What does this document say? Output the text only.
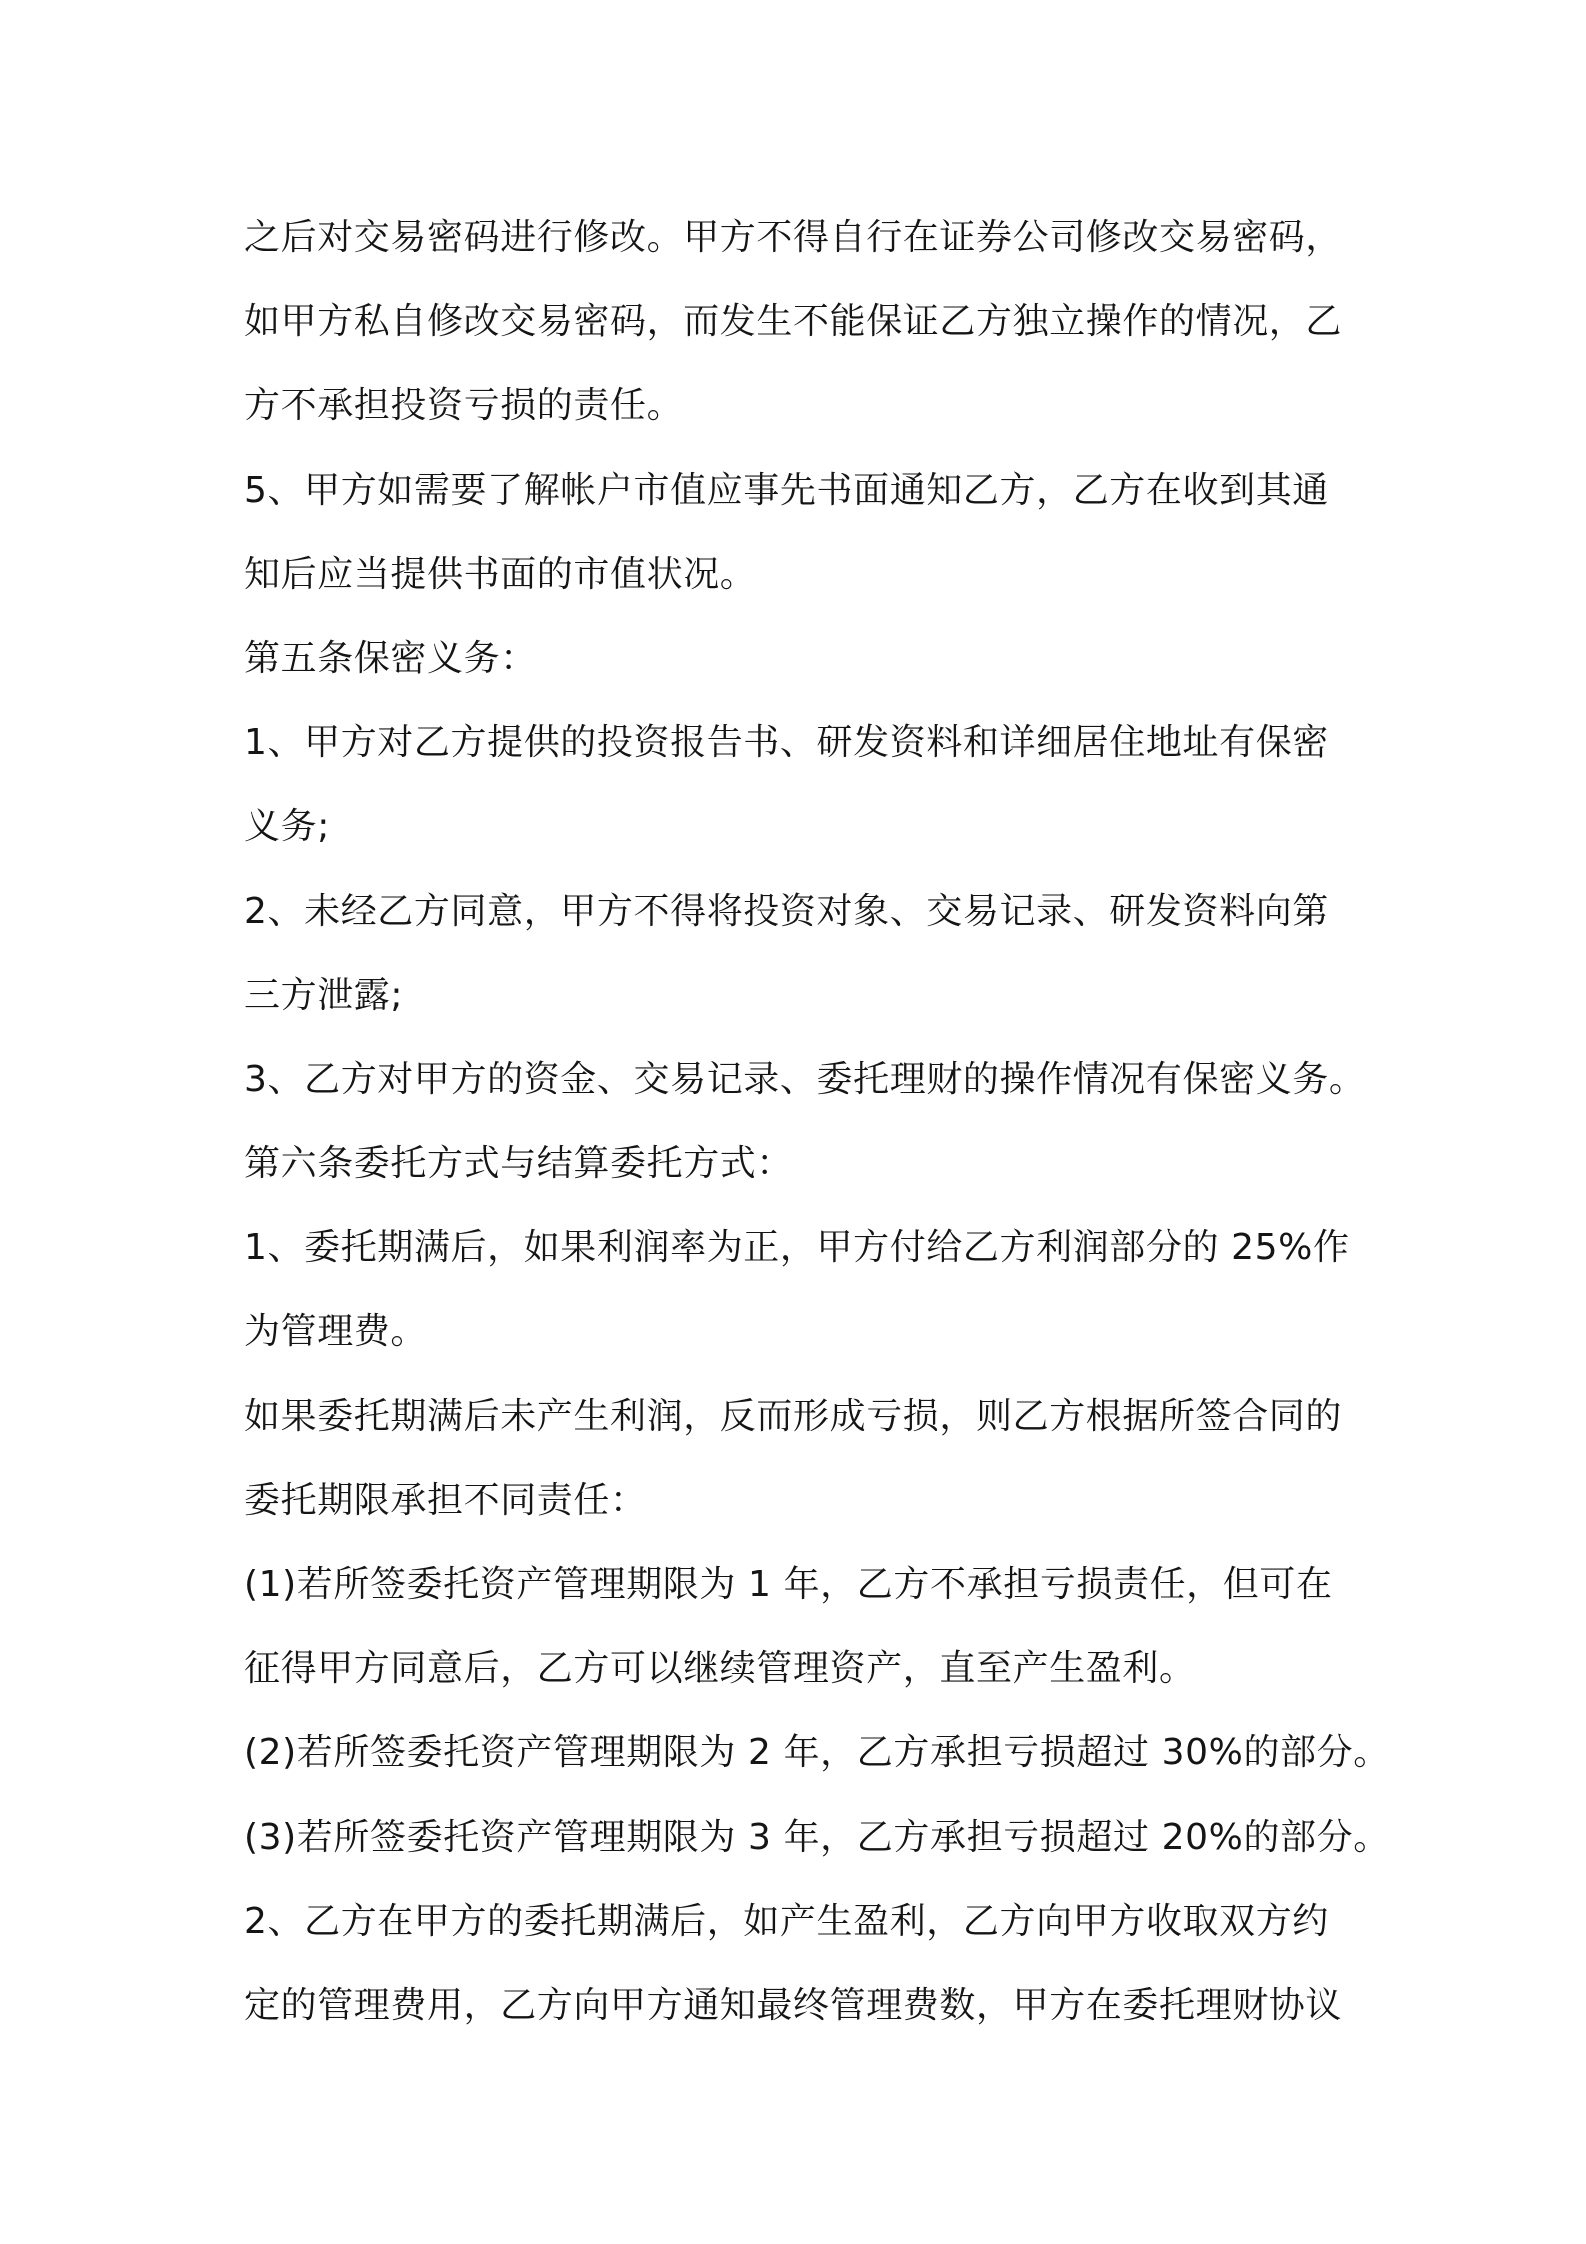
之后对交易密码进行修改。甲方不得自行在证券公司修改交易密码，
如甲方私自修改交易密码，而发生不能保证乙方独立操作的情况，乙
方不承担投资亏损的责任。
5、甲方如需要了解帐户市值应事先书面通知乙方，乙方在收到其通
知后应当提供书面的市值状况。
第五条保密义务：
1、甲方对乙方提供的投资报告书、研发资料和详细居住地址有保密
义务;
2、未经乙方同意，甲方不得将投资对象、交易记录、研发资料向第
三方泄露;
3、乙方对甲方的资金、交易记录、委托理财的操作情况有保密义务。
第六条委托方式与结算委托方式：
1、委托期满后，如果利润率为正，甲方付给乙方利润部分的 25%作
为管理费。
如果委托期满后未产生利润，反而形成亏损，则乙方根据所签合同的
委托期限承担不同责任：
(1)若所签委托资产管理期限为 1 年，乙方不承担亏损责任，但可在
征得甲方同意后，乙方可以继续管理资产，直至产生盈利。
(2)若所签委托资产管理期限为 2 年，乙方承担亏损超过 30%的部分。
(3)若所签委托资产管理期限为 3 年，乙方承担亏损超过 20%的部分。
2、乙方在甲方的委托期满后，如产生盈利，乙方向甲方收取双方约
定的管理费用，乙方向甲方通知最终管理费数，甲方在委托理财协议
